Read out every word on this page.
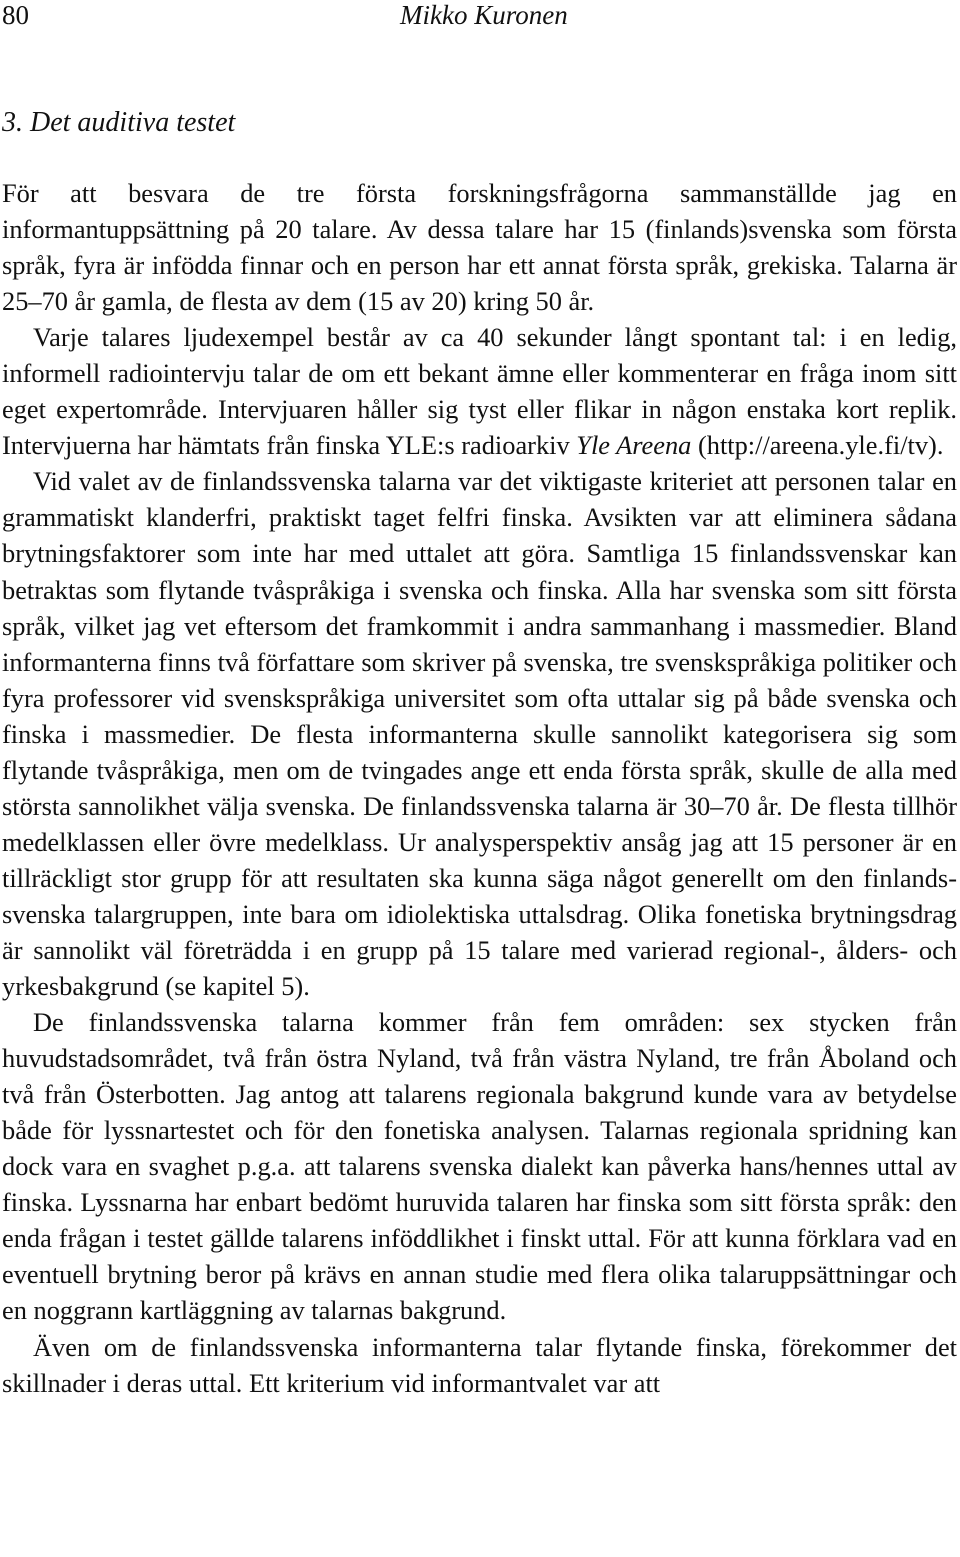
80	Mikko Kuronen
3. Det auditiva testet

För att besvara de tre första forskningsfrågorna sammanställde jag en informantuppsättning på 20 talare. Av dessa talare har 15 (finlands)svenska som första språk, fyra är infödda finnar och en person har ett annat första språk, grekiska. Talarna är 25–70 år gamla, de flesta av dem (15 av 20) kring 50 år.

Varje talares ljudexempel består av ca 40 sekunder långt spontant tal: i en ledig, informell radiointervju talar de om ett bekant ämne eller kommenterar en fråga inom sitt eget expertområde. Intervjuaren håller sig tyst eller flikar in någon enstaka kort replik. Intervjuerna har hämtats från finska YLE:s radioarkiv Yle Areena (http://areena.yle.fi/tv).

Vid valet av de finlandssvenska talarna var det viktigaste kriteriet att personen talar en grammatiskt klanderfri, praktiskt taget felfri finska. Avsikten var att eliminera sådana brytningsfaktorer som inte har med uttalet att göra. Samtliga 15 finlandssvenskar kan betraktas som flytande tvåspråkiga i svenska och finska. Alla har svenska som sitt första språk, vilket jag vet eftersom det framkommit i andra sammanhang i massmedier. Bland informanterna finns två författare som skriver på svenska, tre svenskspråkiga politiker och fyra professorer vid svenskspråkiga universitet som ofta uttalar sig på både svenska och finska i massmedier. De flesta informanterna skulle sannolikt kategorisera sig som flytande tvåspråkiga, men om de tvingades ange ett enda första språk, skulle de alla med största sannolikhet välja svenska. De finlandssvenska talarna är 30–70 år. De flesta tillhör medelklassen eller övre medelklass. Ur analysperspektiv ansåg jag att 15 personer är en tillräckligt stor grupp för att resultaten ska kunna säga något generellt om den finlandssvenska talargruppen, inte bara om idiolektiska uttalsdrag. Olika fonetiska brytningsdrag är sannolikt väl företrädda i en grupp på 15 talare med varierad regional-, ålders- och yrkesbakgrund (se kapitel 5).

De finlandssvenska talarna kommer från fem områden: sex stycken från huvudstadsområdet, två från östra Nyland, två från västra Nyland, tre från Åboland och två från Österbotten. Jag antog att talarens regionala bakgrund kunde vara av betydelse både för lyssnartestet och för den fonetiska analysen. Talarnas regionala spridning kan dock vara en svaghet p.g.a. att talarens svenska dialekt kan påverka hans/hennes uttal av finska. Lyssnarna har enbart bedömt huruvida talaren har finska som sitt första språk: den enda frågan i testet gällde talarens inföddlikhet i finskt uttal. För att kunna förklara vad en eventuell brytning beror på krävs en annan studie med flera olika talaruppsättningar och en noggrann kartläggning av talarnas bakgrund.

Även om de finlandssvenska informanterna talar flytande finska, förekommer det skillnader i deras uttal. Ett kriterium vid informantvalet var att
